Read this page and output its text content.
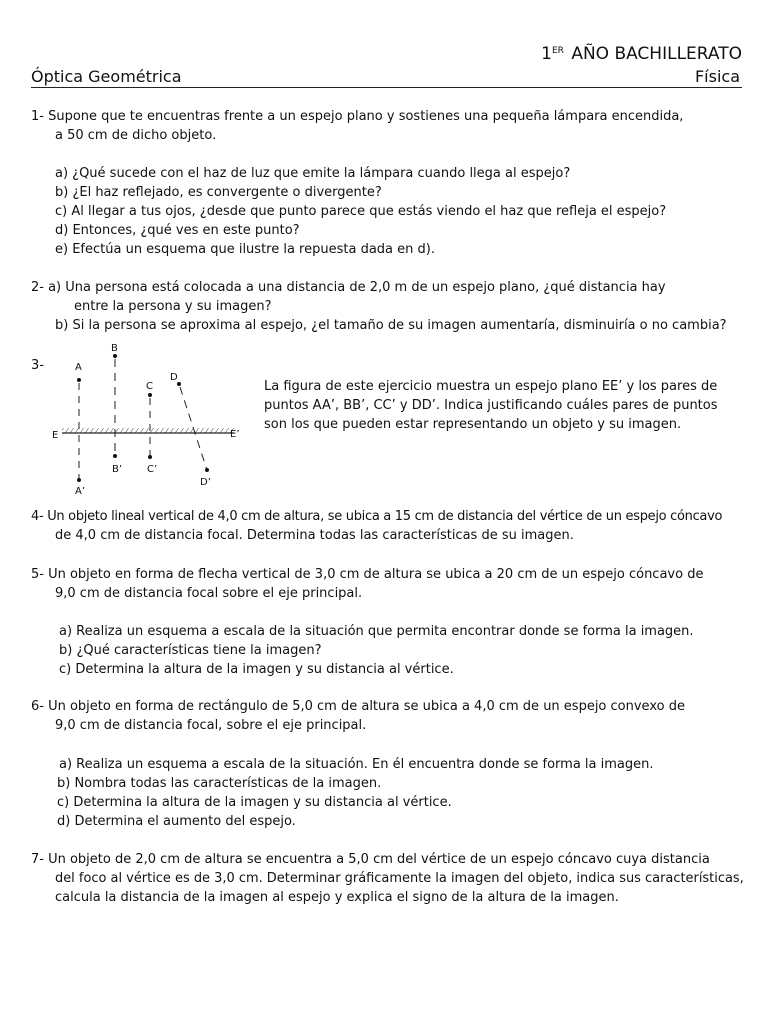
1ER AÑO BACHILLERATO
Óptica Geométrica	Física
1- Supone que te encuentras frente a un espejo plano y sostienes una pequeña lámpara encendida,
a 50 cm de dicho objeto.
a) ¿Qué sucede con el haz de luz que emite la lámpara cuando llega al espejo?
b) ¿El haz reflejado, es convergente o divergente?
c) Al llegar a tus ojos, ¿desde que punto parece que estás viendo el haz que refleja el espejo?
d) Entonces, ¿qué ves en este punto?
e) Efectúa un esquema que ilustre la repuesta dada en d).
2- a) Una persona está colocada a una distancia de 2,0 m de un espejo plano, ¿qué distancia hay
entre la persona y su imagen?
b) Si la persona se aproxima al espejo, ¿el tamaño de su imagen aumentaría, disminuiría o no cambia?
3-	A
A’
B
B’
C
C’
D
D’
E	E’
La figura de este ejercicio muestra un espejo plano EE’ y los pares de
puntos AA’, BB’, CC’ y DD’. Indica justificando cuáles pares de puntos
son los que pueden estar representando un objeto y su imagen.
4- Un objeto lineal vertical de 4,0 cm de altura, se ubica a 15 cm de distancia del vértice de un espejo cóncavo
de 4,0 cm de distancia focal. Determina todas las características de su imagen.
5- Un objeto en forma de flecha vertical de 3,0 cm de altura se ubica a 20 cm de un espejo cóncavo de
9,0 cm de distancia focal sobre el eje principal.
a) Realiza un esquema a escala de la situación que permita encontrar donde se forma la imagen.
b) ¿Qué características tiene la imagen?
c) Determina la altura de la imagen y su distancia al vértice.
6- Un objeto en forma de rectángulo de 5,0 cm de altura se ubica a 4,0 cm de un espejo convexo de
9,0 cm de distancia focal, sobre el eje principal.
a) Realiza un esquema a escala de la situación. En él encuentra donde se forma la imagen.
b) Nombra todas las características de la imagen.
c) Determina la altura de la imagen y su distancia al vértice.
d) Determina el aumento del espejo.
7- Un objeto de 2,0 cm de altura se encuentra a 5,0 cm del vértice de un espejo cóncavo cuya distancia
del foco al vértice es de 3,0 cm. Determinar gráficamente la imagen del objeto, indica sus características,
calcula la distancia de la imagen al espejo y explica el signo de la altura de la imagen.
